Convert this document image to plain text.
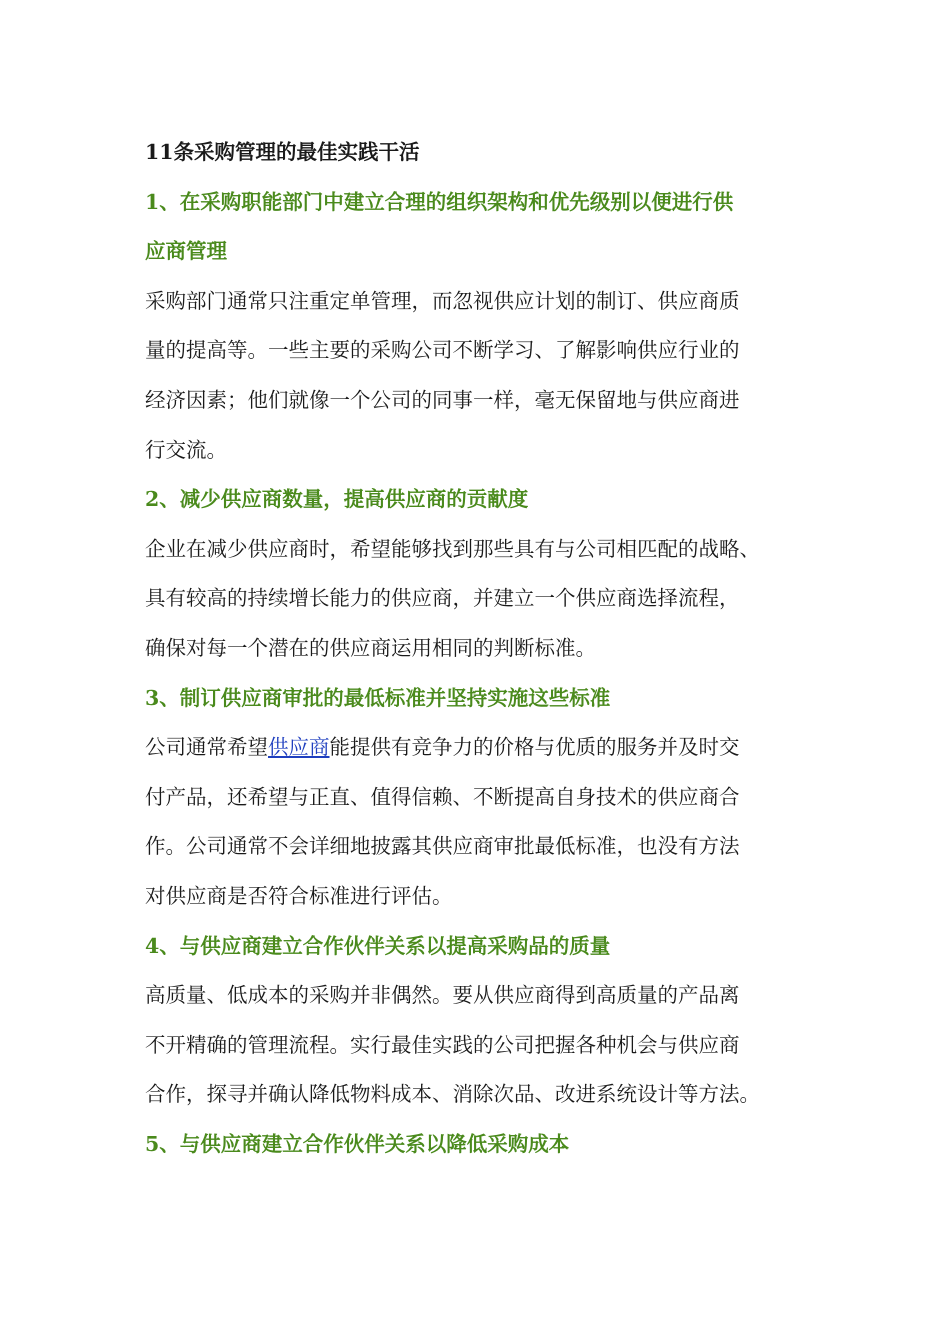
11条采购管理的最佳实践干活
1、在采购职能部门中建立合理的组织架构和优先级别以便进行供
应商管理
采购部门通常只注重定单管理，而忽视供应计划的制订、供应商质
量的提高等。一些主要的采购公司不断学习、了解影响供应行业的
经济因素；他们就像一个公司的同事一样，毫无保留地与供应商进
行交流。
2、减少供应商数量，提高供应商的贡献度
企业在减少供应商时，希望能够找到那些具有与公司相匹配的战略、
具有较高的持续增长能力的供应商，并建立一个供应商选择流程，
确保对每一个潜在的供应商运用相同的判断标准。
3、制订供应商审批的最低标准并坚持实施这些标准
公司通常希望供应商能提供有竞争力的价格与优质的服务并及时交
付产品，还希望与正直、值得信赖、不断提高自身技术的供应商合
作。公司通常不会详细地披露其供应商审批最低标准，也没有方法
对供应商是否符合标准进行评估。
4、与供应商建立合作伙伴关系以提高采购品的质量
高质量、低成本的采购并非偶然。要从供应商得到高质量的产品离
不开精确的管理流程。实行最佳实践的公司把握各种机会与供应商
合作，探寻并确认降低物料成本、消除次品、改进系统设计等方法。
5、与供应商建立合作伙伴关系以降低采购成本
